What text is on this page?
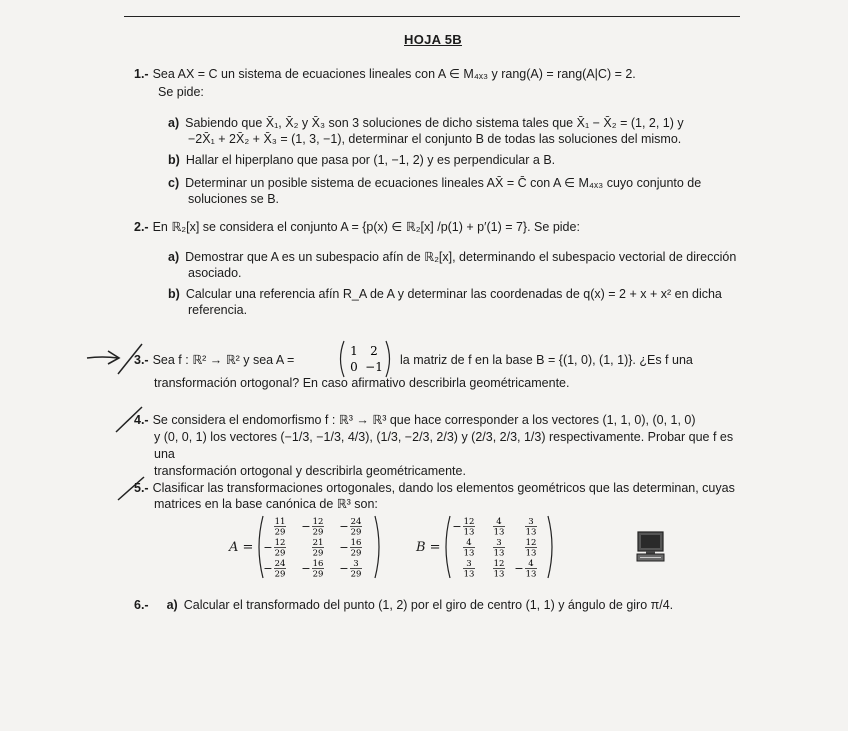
HOJA 5B
1.- Sea AX = C un sistema de ecuaciones lineales con A ∈ M₄ₓ₃ y rang(A) = rang(A|C) = 2.
Se pide:
a) Sabiendo que X̄₁, X̄₂ y X̄₃ son 3 soluciones de dicho sistema tales que X̄₁ − X̄₂ = (1, 2, 1) y
−2X̄₁ + 2X̄₂ + X̄₃ = (1, 3, −1), determinar el conjunto B de todas las soluciones del mismo.
b) Hallar el hiperplano que pasa por (1, −1, 2) y es perpendicular a B.
c) Determinar un posible sistema de ecuaciones lineales AX̄ = C̄ con A ∈ M₄ₓ₃ cuyo conjunto de
soluciones se B.
2.- En ℝ₂[x] se considera el conjunto A = {p(x) ∈ ℝ₂[x] /p(1) + p′(1) = 7}. Se pide:
a) Demostrar que A es un subespacio afín de ℝ₂[x], determinando el subespacio vectorial de dirección
asociado.
b) Calcular una referencia afín R_A de A y determinar las coordenadas de q(x) = 2 + x + x² en dicha
referencia.
3.- Sea f : ℝ² → ℝ² y sea A =
1 2
0 −1 la matriz de f en la base B = {(1, 0), (1, 1)}. ¿Es f una
transformación ortogonal? En caso afirmativo describirla geométricamente.
4.- Se considera el endomorfismo f : ℝ³ → ℝ³ que hace corresponder a los vectores (1, 1, 0), (0, 1, 0)
y (0, 0, 1) los vectores (−1/3, −1/3, 4/3), (1/3, −2/3, 2/3) y (2/3, 2/3, 1/3) respectivamente. Probar que f es una
transformación ortogonal y describirla geométricamente.
5.- Clasificar las transformaciones ortogonales, dando los elementos geométricos que las determinan, cuyas
matrices en la base canónica de ℝ³ son:
A =
11
29 − 12
29 − 24
29
− 12
29
21
29 − 16
29
− 24
29 − 16
29 − 3
29
B =
− 12
13
4
13
3
13
4
13
3
13
12
13
3
13
12
13 − 4
13
6.- a) Calcular el transformado del punto (1, 2) por el giro de centro (1, 1) y ángulo de giro π/4.
